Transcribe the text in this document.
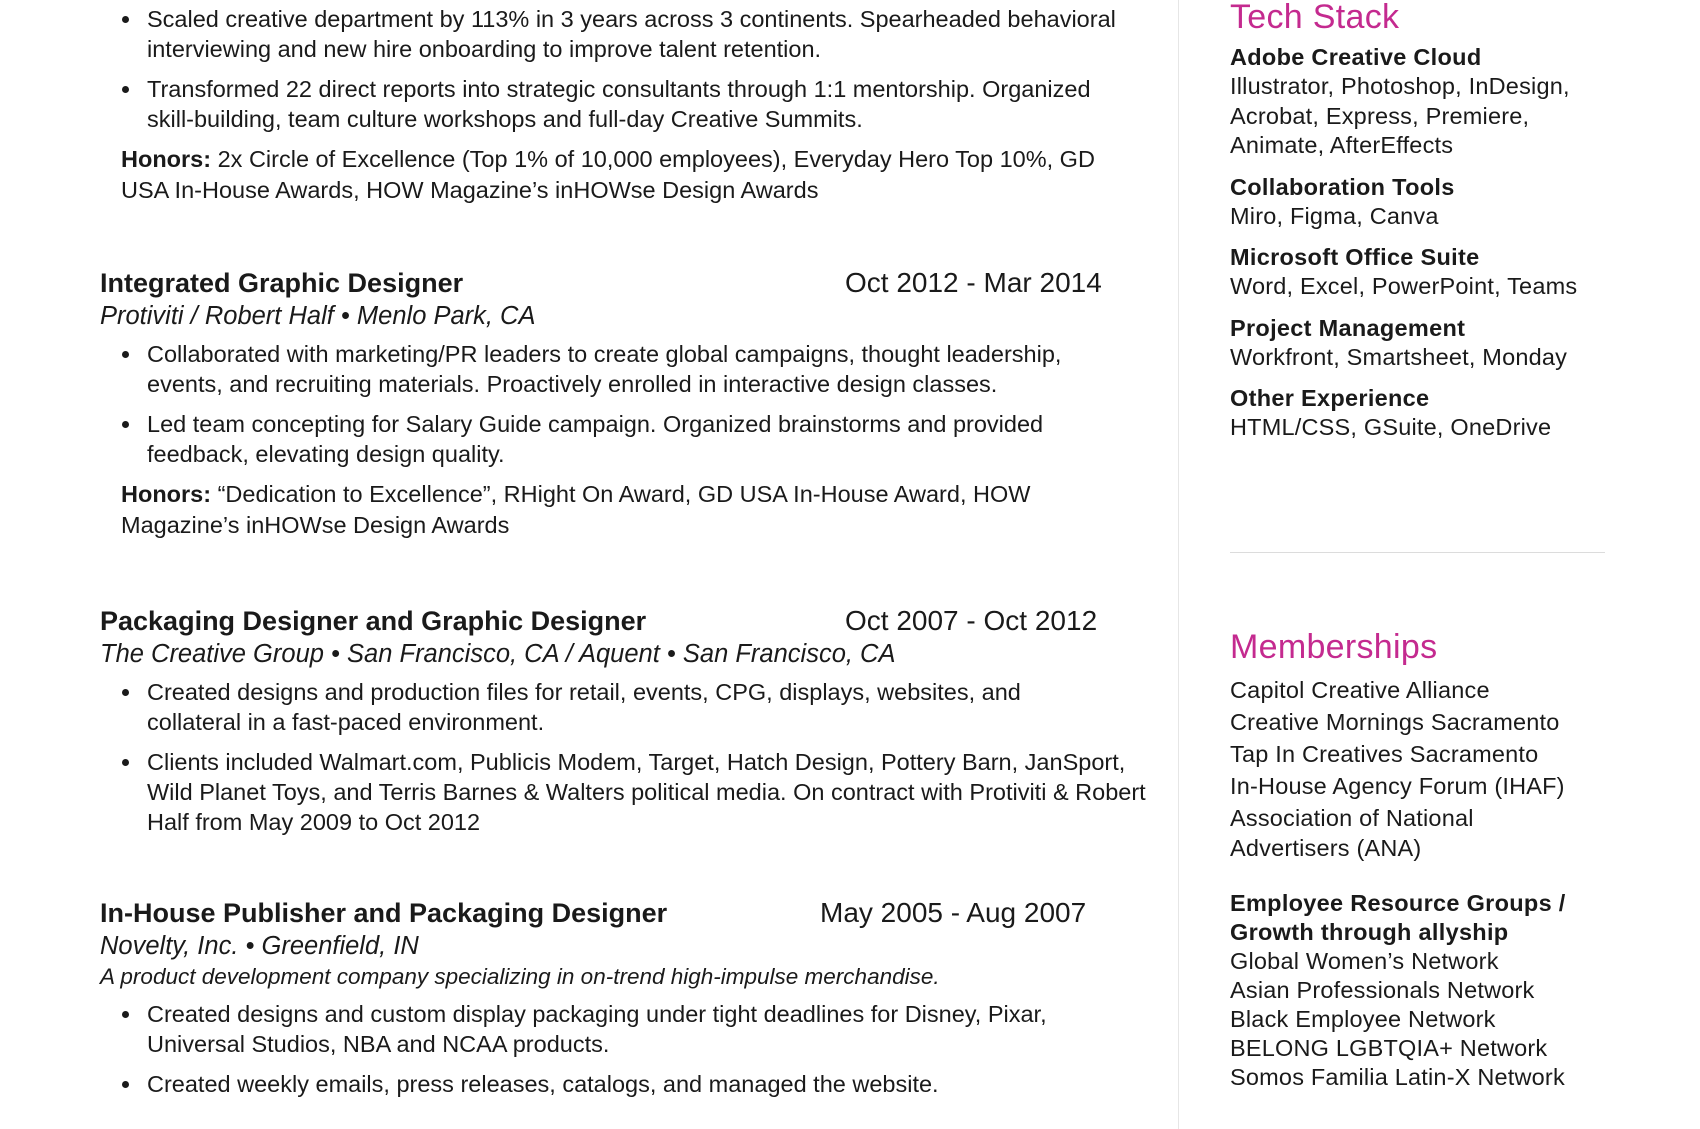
Scaled creative department by 113% in 3 years across 3 continents. Spearheaded behavioral interviewing and new hire onboarding to improve talent retention.
Transformed 22 direct reports into strategic consultants through 1:1 mentorship. Organized skill-building, team culture workshops and full-day Creative Summits.
Honors: 2x Circle of Excellence (Top 1% of 10,000 employees), Everyday Hero Top 10%, GD USA In-House Awards, HOW Magazine’s inHOWse Design Awards
Integrated Graphic Designer	Oct 2012 - Mar 2014
Protiviti / Robert Half • Menlo Park, CA
Collaborated with marketing/PR leaders to create global campaigns, thought leadership, events, and recruiting materials. Proactively enrolled in interactive design classes.
Led team concepting for Salary Guide campaign. Organized brainstorms and provided feedback, elevating design quality.
Honors: “Dedication to Excellence”, RHight On Award, GD USA In-House Award, HOW Magazine’s inHOWse Design Awards
Packaging Designer and Graphic Designer	Oct 2007 - Oct 2012
The Creative Group • San Francisco, CA / Aquent • San Francisco, CA
Created designs and production files for retail, events, CPG, displays, websites, and collateral in a fast-paced environment.
Clients included Walmart.com, Publicis Modem, Target, Hatch Design, Pottery Barn, JanSport, Wild Planet Toys, and Terris Barnes & Walters political media. On contract with Protiviti & Robert Half from May 2009 to Oct 2012
In-House Publisher and Packaging Designer	May 2005 - Aug 2007
Novelty, Inc. • Greenfield, IN
A product development company specializing in on-trend high-impulse merchandise.
Created designs and custom display packaging under tight deadlines for Disney, Pixar, Universal Studios, NBA and NCAA products.
Created weekly emails, press releases, catalogs, and managed the website.
Tech Stack
Adobe Creative Cloud
Illustrator, Photoshop, InDesign, Acrobat, Express, Premiere, Animate, AfterEffects
Collaboration Tools
Miro, Figma, Canva
Microsoft Office Suite
Word, Excel, PowerPoint, Teams
Project Management
Workfront, Smartsheet, Monday
Other Experience
HTML/CSS, GSuite, OneDrive
Memberships
Capitol Creative Alliance
Creative Mornings Sacramento
Tap In Creatives Sacramento
In-House Agency Forum (IHAF)
Association of National Advertisers (ANA)
Employee Resource Groups / Growth through allyship
Global Women’s Network
Asian Professionals Network
Black Employee Network
BELONG LGBTQIA+ Network
Somos Familia Latin-X Network
